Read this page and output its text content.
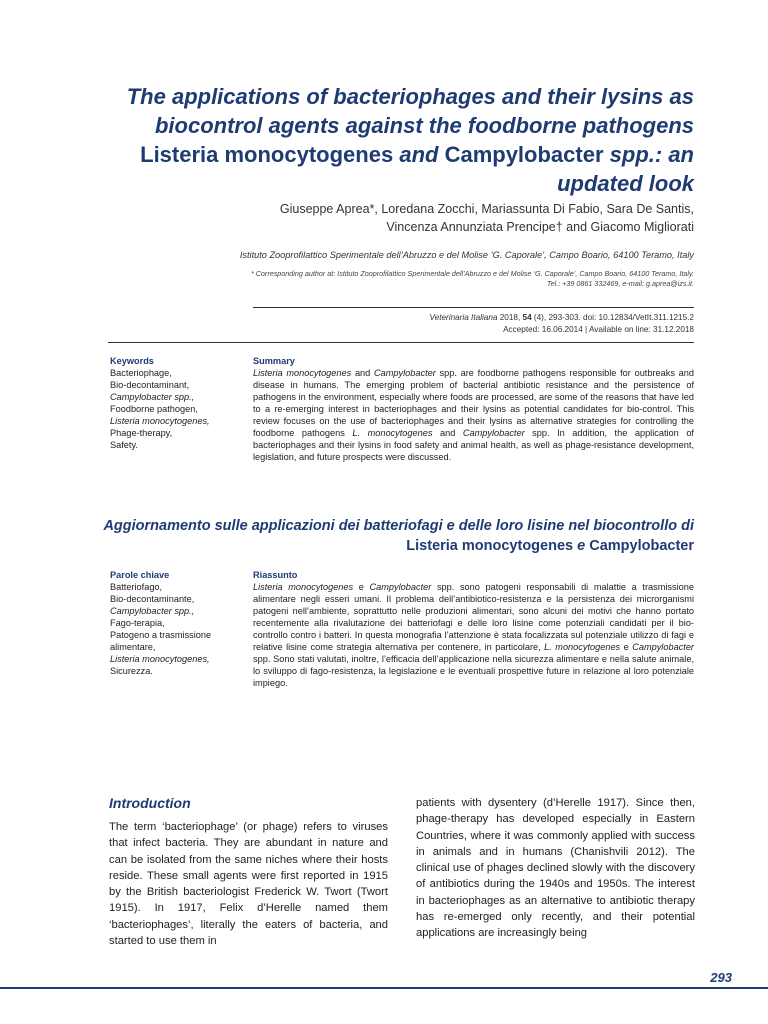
The applications of bacteriophages and their lysins as biocontrol agents against the foodborne pathogens Listeria monocytogenes and Campylobacter spp.: an updated look
Giuseppe Aprea*, Loredana Zocchi, Mariassunta Di Fabio, Sara De Santis,
Vincenza Annunziata Prencipe† and Giacomo Migliorati
Istituto Zooprofilattico Sperimentale dell’Abruzzo e del Molise ‘G. Caporale’, Campo Boario, 64100 Teramo, Italy
* Corresponding author at: Istituto Zooprofilattico Sperimentale dell’Abruzzo e del Molise ‘G. Caporale’, Campo Boario, 64100 Teramo, Italy.
Tel.: +39 0861 332469, e-mail: g.aprea@izs.it.
Veterinaria Italiana 2018, 54 (4), 293-303. doi: 10.12834/VetIt.311.1215.2
Accepted: 16.06.2014 | Available on line: 31.12.2018
Keywords
Bacteriophage,
Bio-decontaminant,
Campylobacter spp.,
Foodborne pathogen,
Listeria monocytogenes,
Phage-therapy,
Safety.
Summary
Listeria monocytogenes and Campylobacter spp. are foodborne pathogens responsible for outbreaks and disease in humans. The emerging problem of bacterial antibiotic resistance and the persistence of pathogens in the environment, especially where foods are processed, are some of the reasons that have led to a re-emerging interest in bacteriophages and their lysins as potential candidates for bio-control. This review focuses on the use of bacteriophages and their lysins as alternative strategies for controlling the foodborne pathogens L. monocytogenes and Campylobacter spp. In addition, the application of bacteriophages and their lysins in food safety and animal health, as well as phage-resistance development, legislation, and future prospects were discussed.
Aggiornamento sulle applicazioni dei batteriofagi e delle loro lisine nel biocontrollo di Listeria monocytogenes e Campylobacter
Parole chiave
Batteriofago,
Bio-decontaminante,
Campylobacter spp.,
Fago-terapia,
Patogeno a trasmissione
alimentare,
Listeria monocytogenes,
Sicurezza.
Riassunto
Listeria monocytogenes e Campylobacter spp. sono patogeni responsabili di malattie a trasmissione alimentare negli esseri umani. Il problema dell’antibiotico-resistenza e la persistenza dei microrganismi patogeni nell’ambiente, soprattutto nelle produzioni alimentari, sono alcuni dei motivi che hanno portato recentemente alla rivalutazione dei batteriofagi e delle loro lisine come potenziali candidati per il bio-controllo contro i batteri. In questa monografia l’attenzione è stata focalizzata sul potenziale utilizzo di fagi e relative lisine come strategia alternativa per contenere, in particolare, L. monocytogenes e Campylobacter spp. Sono stati valutati, inoltre, l’efficacia dell’applicazione nella sicurezza alimentare e nella salute animale, lo sviluppo di fago-resistenza, la legislazione e le eventuali prospettive future in relazione al loro potenziale impiego.
Introduction
The term ‘bacteriophage’ (or phage) refers to viruses that infect bacteria. They are abundant in nature and can be isolated from the same niches where their hosts reside. These small agents were first reported in 1915 by the British bacteriologist Frederick W. Twort (Twort 1915). In 1917, Felix d’Herelle named them ‘bacteriophages’, literally the eaters of bacteria, and started to use them in
patients with dysentery (d’Herelle 1917). Since then, phage-therapy has developed especially in Eastern Countries, where it was commonly applied with success in animals and in humans (Chanishvili 2012). The clinical use of phages declined slowly with the discovery of antibiotics during the 1940s and 1950s. The interest in bacteriophages as an alternative to antibiotic therapy has re-emerged only recently, and their potential applications are increasingly being
293
